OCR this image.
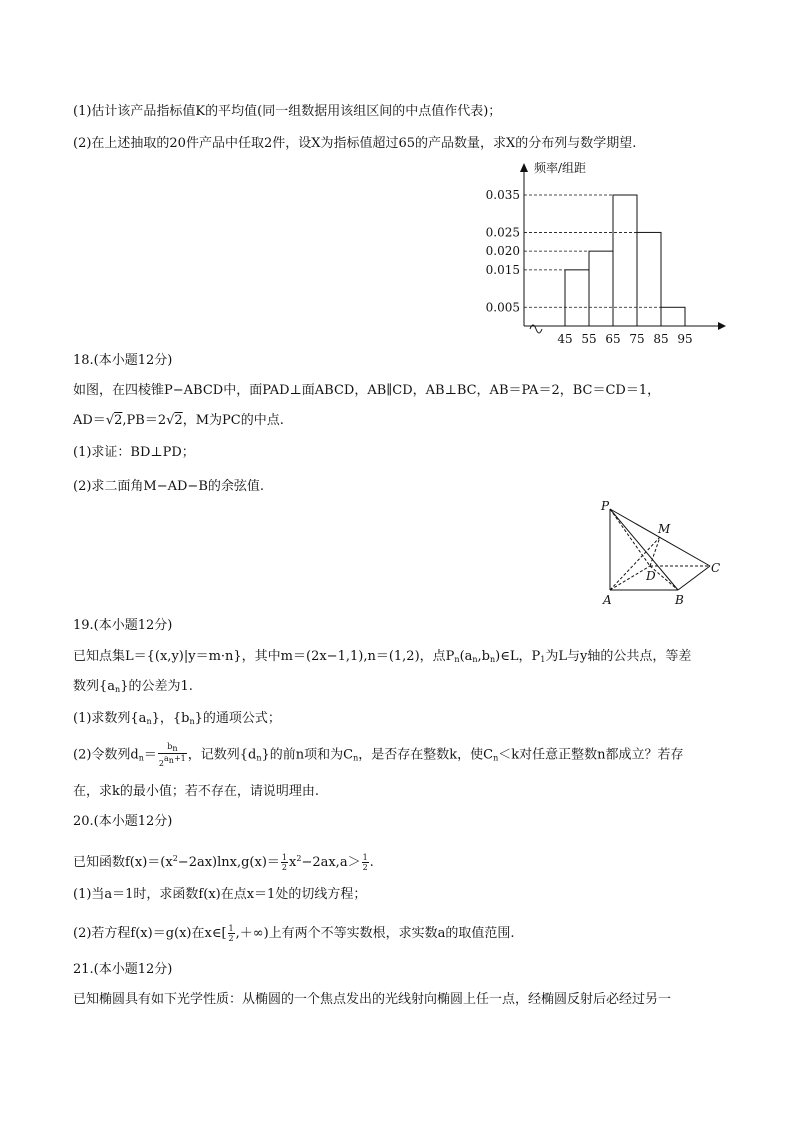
(1)估计该产品指标值K的平均值(同一组数据用该组区间的中点值作代表)；
(2)在上述抽取的20件产品中任取2件，设X为指标值超过65的产品数量，求X的分布列与数学期望.
频率/组距
0.005
0.015
0.020
0.025
0.035
45 55 65 75 85 95
18.(本小题12分)
如图，在四棱锥P−ABCD中，面PAD⊥面ABCD，AB∥CD，AB⊥BC，AB＝PA＝2，BC＝CD＝1，
AD＝√2,PB＝2√2，M为PC的中点.
(1)求证：BD⊥PD；
(2)求二面角M−AD−B的余弦值.
P
M
D
C
A	B
19.(本小题12分)
已知点集L＝{(x,y)|y＝m·n}，其中m＝(2x−1,1),n＝(1,2)，点$P_n(a_n,b_n)\in L$，$P_1$为L与y轴的公共点，等差
数列$\{a_n\}$的公差为1.
(1)求数列$\{a_n\}$，$\{b_n\}$的通项公式；
(2)令数列$d_n= \frac{b_n}{2^{a_n+1}}$ ，记数列$\{d_n\}$的前n项和为$C_n$，是否存在整数k，使$C_n<k$对任意正整数n都成立？若存
在，求k的最小值；若不存在，请说明理由.
20.(本小题12分)
已知函数$f(x)=(x^2-2ax)\ln x,g(x)= \frac{1}{2} x^2-2ax,a> \frac{1}{2}$ .
(1)当a＝1时，求函数f(x)在点x＝1处的切线方程；
(2)若方程f(x)＝g(x)在x∈[ $\frac{1}{2}$ ,＋∞)上有两个不等实数根，求实数a的取值范围.
21.(本小题12分)
已知椭圆具有如下光学性质：从椭圆的一个焦点发出的光线射向椭圆上任一点，经椭圆反射后必经过另一
